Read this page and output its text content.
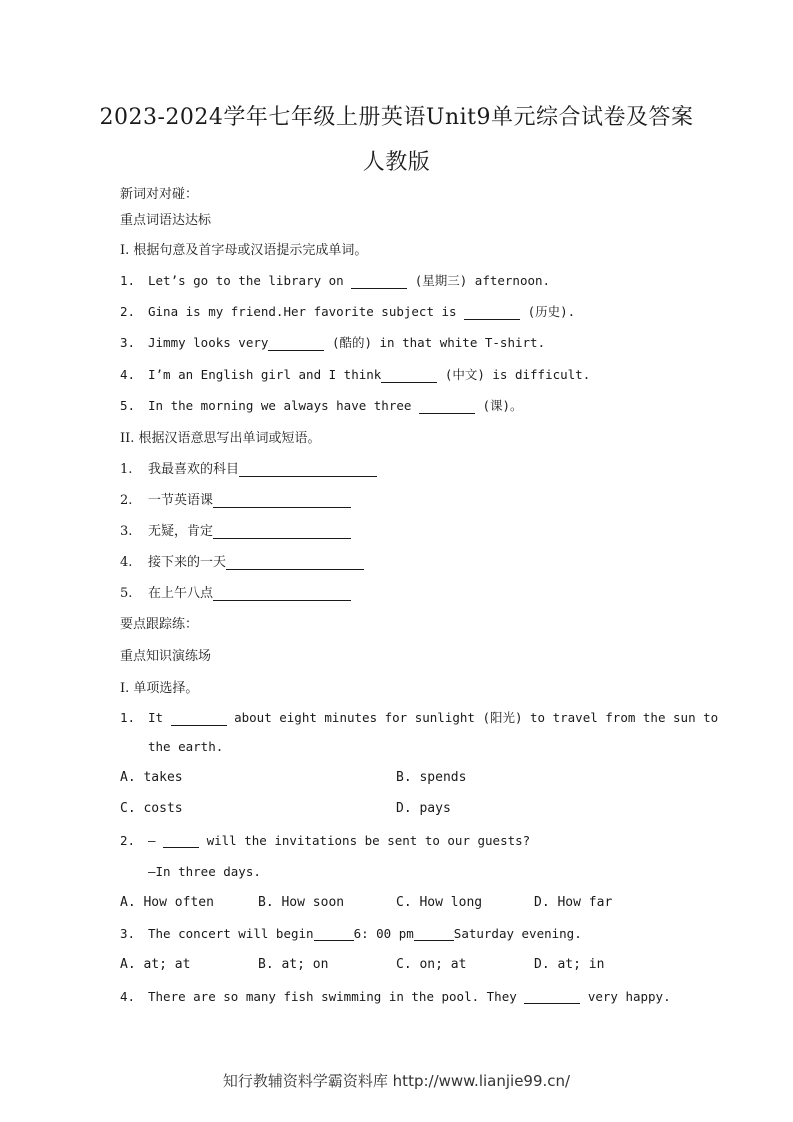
2023-2024学年七年级上册英语Unit9单元综合试卷及答案
人教版
新词对对碰：
重点词语达达标
I. 根据句意及首字母或汉语提示完成单词。
1. Let’s go to the library on	(星期三) afternoon.
2. Gina is my friend.Her favorite subject is	(历史).
3. Jimmy looks very	(酷的) in that white T-shirt.
4. I’m an English girl and I think	(中文) is difficult.
5. In the morning we always have three	(课)。
II. 根据汉语意思写出单词或短语。
1. 我最喜欢的科目
2. 一节英语课
3. 无疑，肯定
4. 接下来的一天
5. 在上午八点
要点跟踪练：
重点知识演练场
I. 单项选择。
1. It	about eight minutes for sunlight (阳光) to travel from the sun to
the earth.
A. takes	B. spends
C. costs	D. pays
2. —	will the invitations be sent to our guests?
—In three days.
A. How often	B. How soon	C. How long	D. How far
3. The concert will begin	6: 00 pm	Saturday evening.
A. at; at	B. at; on	C. on; at	D. at; in
4. There are so many fish swimming in the pool. They	very happy.
知行教辅资料学霸资料库 http://www.lianjie99.cn/
